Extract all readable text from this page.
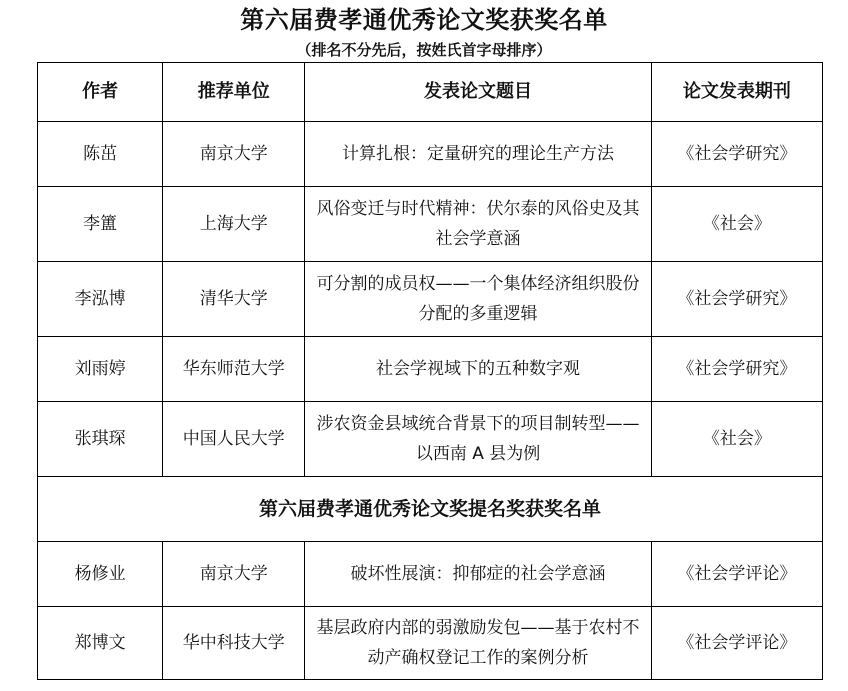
第六届费孝通优秀论文奖获奖名单
（排名不分先后，按姓氏首字母排序）
作者	推荐单位	发表论文题目	论文发表期刊
陈茁	南京大学	计算扎根：定量研究的理论生产方法	《社会学研究》
李簠	上海大学	风俗变迁与时代精神：伏尔泰的风俗史及其社会学意涵	《社会》
李泓博	清华大学	可分割的成员权——一个集体经济组织股份分配的多重逻辑	《社会学研究》
刘雨婷	华东师范大学	社会学视域下的五种数字观	《社会学研究》
张琪琛	中国人民大学	涉农资金县域统合背景下的项目制转型——以西南 A 县为例	《社会》
第六届费孝通优秀论文奖提名奖获奖名单			
杨修业	南京大学	破坏性展演：抑郁症的社会学意涵	《社会学评论》
郑博文	华中科技大学	基层政府内部的弱激励发包——基于农村不动产确权登记工作的案例分析	《社会学评论》
